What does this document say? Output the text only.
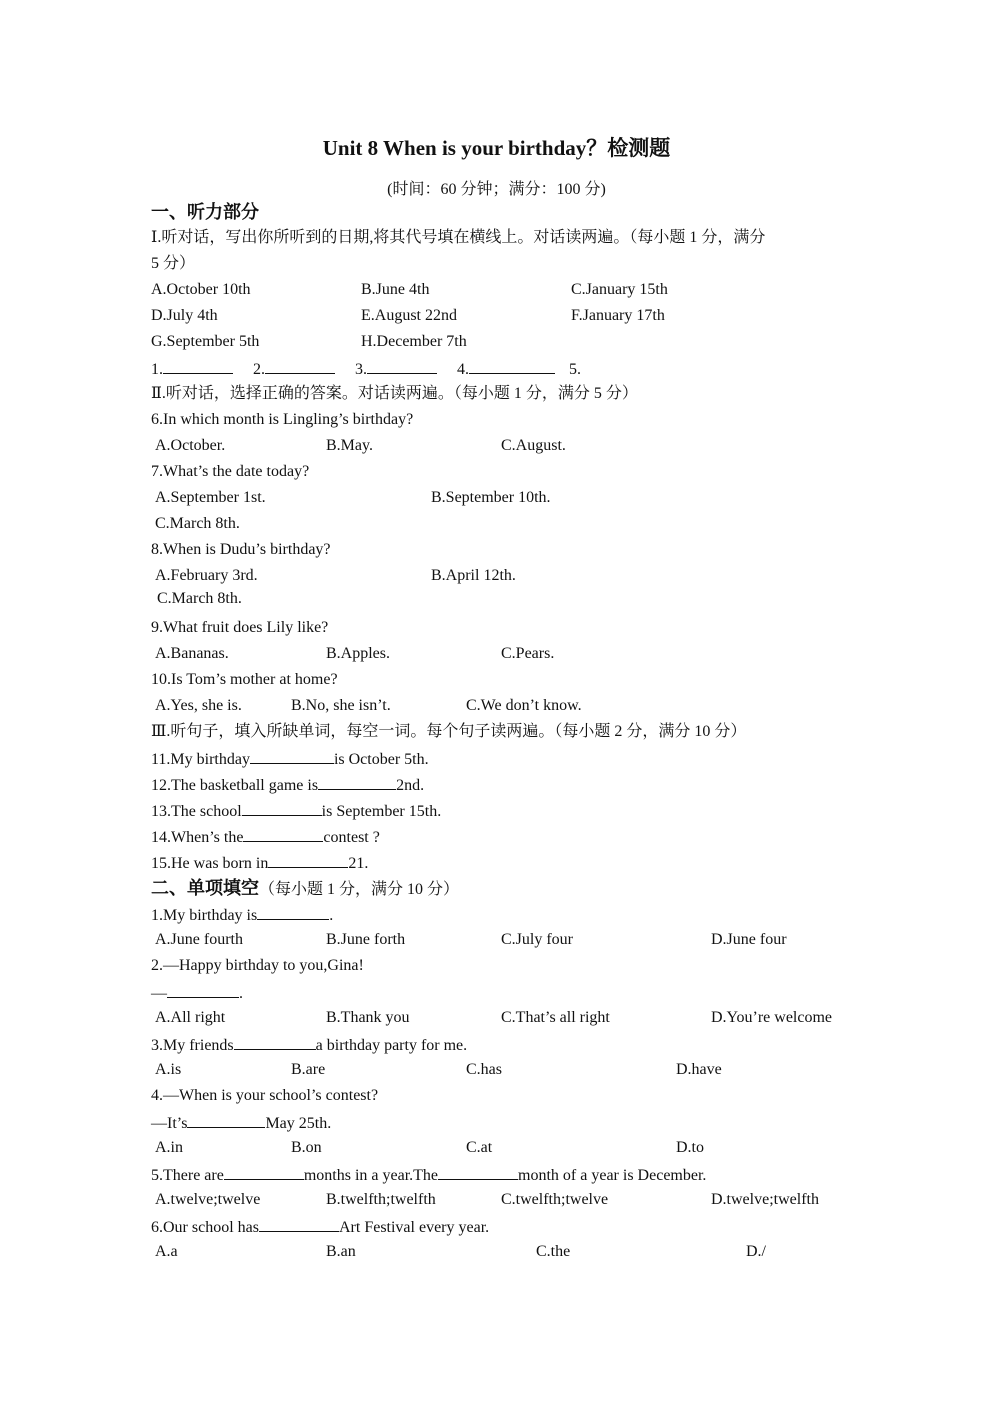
Unit 8 When is your birthday？检测题
(时间：60 分钟；满分：100 分)
一、听力部分
Ⅰ.听对话，写出你所听到的日期,将其代号填在横线上。对话读两遍。（每小题 1 分，满分
5 分）
A.October 10th	B.June 4th	C.January 15th
D.July 4th	E.August 22nd	F.January 17th
G.September 5th	H.December 7th
1.	2.	3.	4.	5.
Ⅱ.听对话，选择正确的答案。对话读两遍。（每小题 1 分，满分 5 分）
6.In which month is Lingling’s birthday?
A.October.	B.May.	C.August.
7.What’s the date today?
A.September 1st.	B.September 10th.
C.March 8th.
8.When is Dudu’s birthday?
A.February 3rd.	B.April 12th.
C.March 8th.
9.What fruit does Lily like?
A.Bananas.	B.Apples.	C.Pears.
10.Is Tom’s mother at home?
A.Yes, she is.	B.No, she isn’t.	C.We don’t know.
Ⅲ.听句子，填入所缺单词，每空一词。每个句子读两遍。（每小题 2 分，满分 10 分）
11.My birthday	is October 5th.
12.The basketball game is	2nd.
13.The school	is September 15th.
14.When’s the	contest ?
15.He was born in	21.
二、单项填空（每小题 1 分，满分 10 分）
1.My birthday is	.
A.June fourth	B.June forth	C.July four	D.June four
2.—Happy birthday to you,Gina!
—	.
A.All right	B.Thank you	C.That’s all right	D.You’re welcome
3.My friends	a birthday party for me.
A.is	B.are	C.has	D.have
4.—When is your school’s contest?
—It’s	May 25th.
A.in	B.on	C.at	D.to
5.There are	months in a year.The	month of a year is December.
A.twelve;twelve	B.twelfth;twelfth	C.twelfth;twelve	D.twelve;twelfth
6.Our school has	Art Festival every year.
A.a	B.an	C.the	D./
